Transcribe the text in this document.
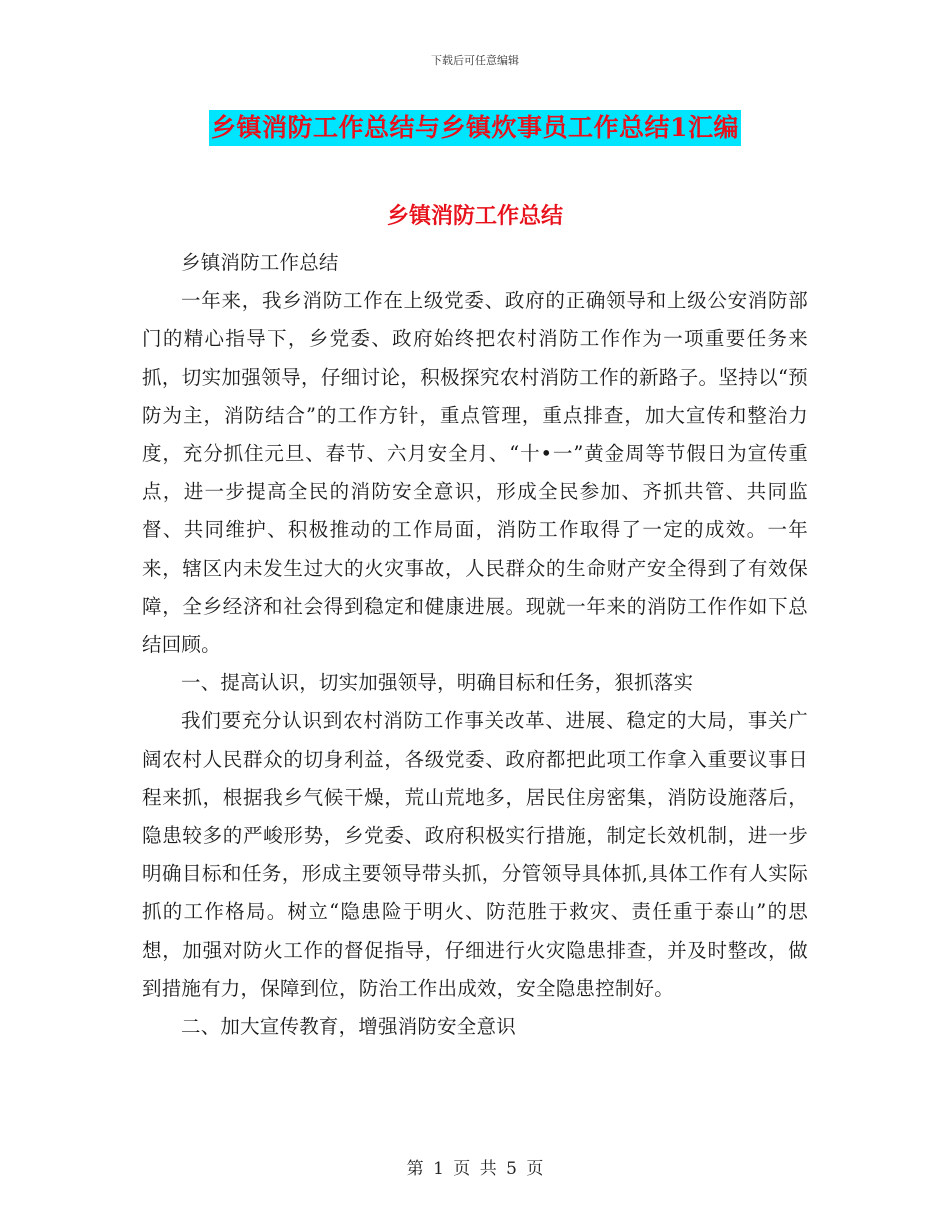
下载后可任意编辑
乡镇消防工作总结与乡镇炊事员工作总结1汇编
乡镇消防工作总结

乡镇消防工作总结

一年来，我乡消防工作在上级党委、政府的正确领导和上级公安消防部门的精心指导下，乡党委、政府始终把农村消防工作作为一项重要任务来抓，切实加强领导，仔细讨论，积极探究农村消防工作的新路子。坚持以“预防为主，消防结合”的工作方针，重点管理，重点排查，加大宣传和整治力度，充分抓住元旦、春节、六月安全月、“十•一”黄金周等节假日为宣传重点，进一步提高全民的消防安全意识，形成全民参加、齐抓共管、共同监督、共同维护、积极推动的工作局面，消防工作取得了一定的成效。一年来，辖区内未发生过大的火灾事故，人民群众的生命财产安全得到了有效保障，全乡经济和社会得到稳定和健康进展。现就一年来的消防工作作如下总结回顾。

一、提高认识，切实加强领导，明确目标和任务，狠抓落实

我们要充分认识到农村消防工作事关改革、进展、稳定的大局，事关广阔农村人民群众的切身利益，各级党委、政府都把此项工作拿入重要议事日程来抓，根据我乡气候干燥，荒山荒地多，居民住房密集，消防设施落后，隐患较多的严峻形势，乡党委、政府积极实行措施，制定长效机制，进一步明确目标和任务，形成主要领导带头抓，分管领导具体抓,具体工作有人实际抓的工作格局。树立“隐患险于明火、防范胜于救灾、责任重于泰山”的思想，加强对防火工作的督促指导，仔细进行火灾隐患排查，并及时整改，做到措施有力，保障到位，防治工作出成效，安全隐患控制好。

二、加大宣传教育，增强消防安全意识

第 1 页 共 5 页
